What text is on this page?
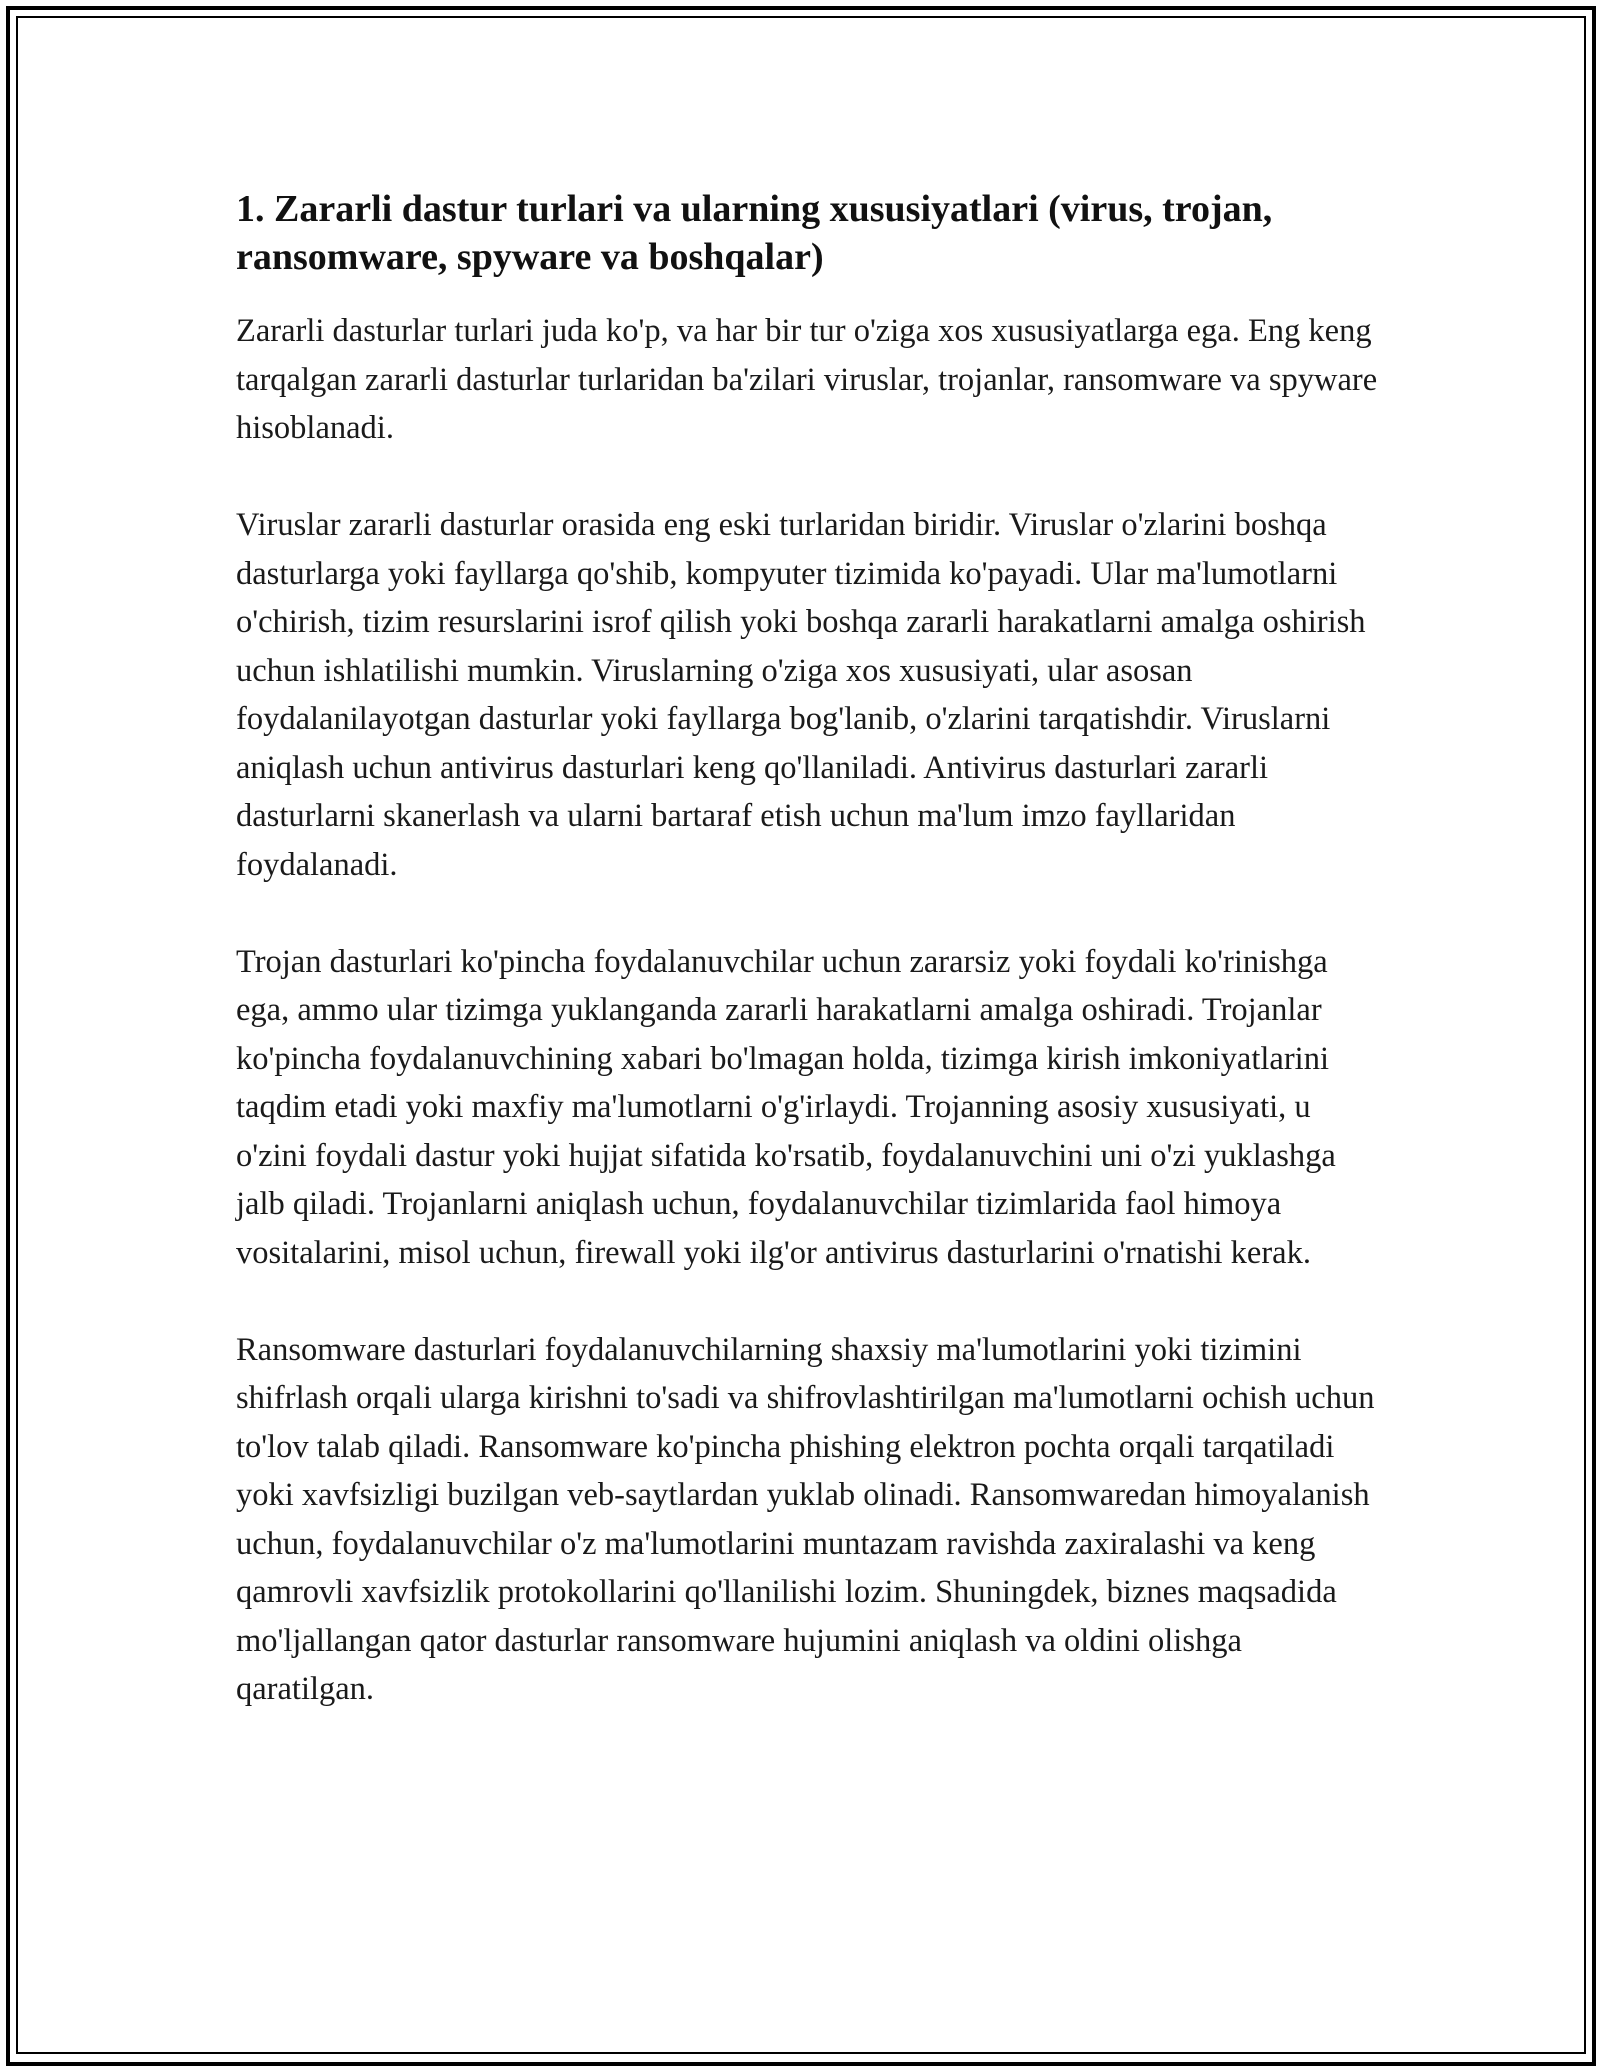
1. Zararli dastur turlari va ularning xususiyatlari (virus, trojan, ransomware, spyware va boshqalar)

Zararli dasturlar turlari juda ko'p, va har bir tur o'ziga xos xususiyatlarga ega. Eng keng tarqalgan zararli dasturlar turlaridan ba'zilari viruslar, trojanlar, ransomware va spyware hisoblanadi.

Viruslar zararli dasturlar orasida eng eski turlaridan biridir. Viruslar o'zlarini boshqa dasturlarga yoki fayllarga qo'shib, kompyuter tizimida ko'payadi. Ular ma'lumotlarni o'chirish, tizim resurslarini isrof qilish yoki boshqa zararli harakatlarni amalga oshirish uchun ishlatilishi mumkin. Viruslarning o'ziga xos xususiyati, ular asosan foydalanilayotgan dasturlar yoki fayllarga bog'lanib, o'zlarini tarqatishdir. Viruslarni aniqlash uchun antivirus dasturlari keng qo'llaniladi. Antivirus dasturlari zararli dasturlarni skanerlash va ularni bartaraf etish uchun ma'lum imzo fayllaridan foydalanadi.

Trojan dasturlari ko'pincha foydalanuvchilar uchun zararsiz yoki foydali ko'rinishga ega, ammo ular tizimga yuklanganda zararli harakatlarni amalga oshiradi. Trojanlar ko'pincha foydalanuvchining xabari bo'lmagan holda, tizimga kirish imkoniyatlarini taqdim etadi yoki maxfiy ma'lumotlarni o'g'irlaydi. Trojanning asosiy xususiyati, u o'zini foydali dastur yoki hujjat sifatida ko'rsatib, foydalanuvchini uni o'zi yuklashga jalb qiladi. Trojanlarni aniqlash uchun, foydalanuvchilar tizimlarida faol himoya vositalarini, misol uchun, firewall yoki ilg'or antivirus dasturlarini o'rnatishi kerak.

Ransomware dasturlari foydalanuvchilarning shaxsiy ma'lumotlarini yoki tizimini shifrlash orqali ularga kirishni to'sadi va shifrovlashtirilgan ma'lumotlarni ochish uchun to'lov talab qiladi. Ransomware ko'pincha phishing elektron pochta orqali tarqatiladi yoki xavfsizligi buzilgan veb-saytlardan yuklab olinadi. Ransomwaredan himoyalanish uchun, foydalanuvchilar o'z ma'lumotlarini muntazam ravishda zaxiralashi va keng qamrovli xavfsizlik protokollarini qo'llanilishi lozim. Shuningdek, biznes maqsadida mo'ljallangan qator dasturlar ransomware hujumini aniqlash va oldini olishga qaratilgan.
